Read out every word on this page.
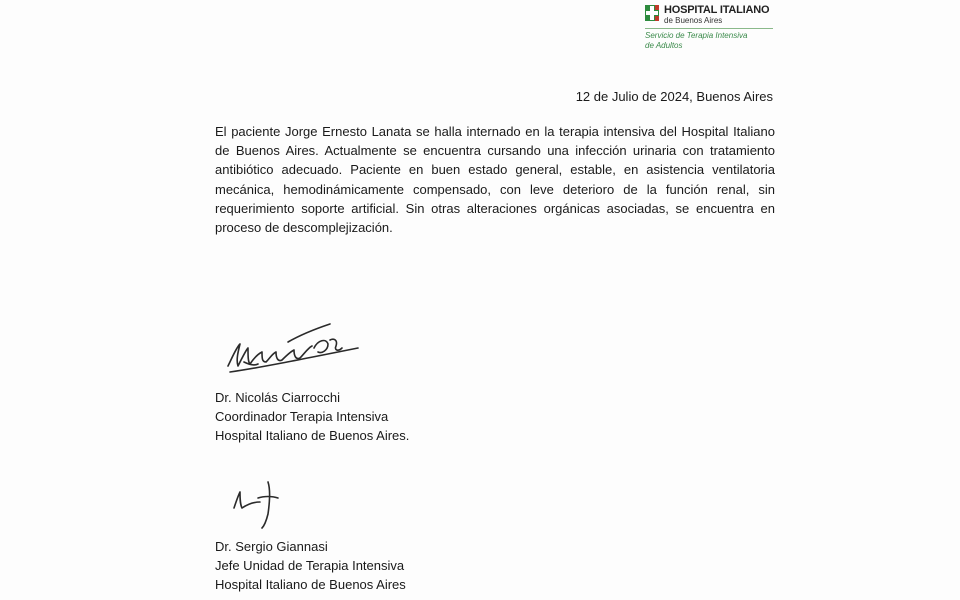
HOSPITAL ITALIANO
de Buenos Aires
Servicio de Terapia Intensiva
de Adultos
12 de Julio de 2024, Buenos Aires

El paciente Jorge Ernesto Lanata se halla internado en la terapia intensiva del Hospital Italiano de Buenos Aires. Actualmente se encuentra cursando una infección urinaria con tratamiento antibiótico adecuado. Paciente en buen estado general, estable, en asistencia ventilatoria mecánica, hemodinámicamente compensado, con leve deterioro de la función renal, sin requerimiento soporte artificial. Sin otras alteraciones orgánicas asociadas, se encuentra en proceso de descomplejización.

Dr. Nicolás Ciarrocchi
Coordinador Terapia Intensiva
Hospital Italiano de Buenos Aires.
Dr. Sergio Giannasi
Jefe Unidad de Terapia Intensiva
Hospital Italiano de Buenos Aires
